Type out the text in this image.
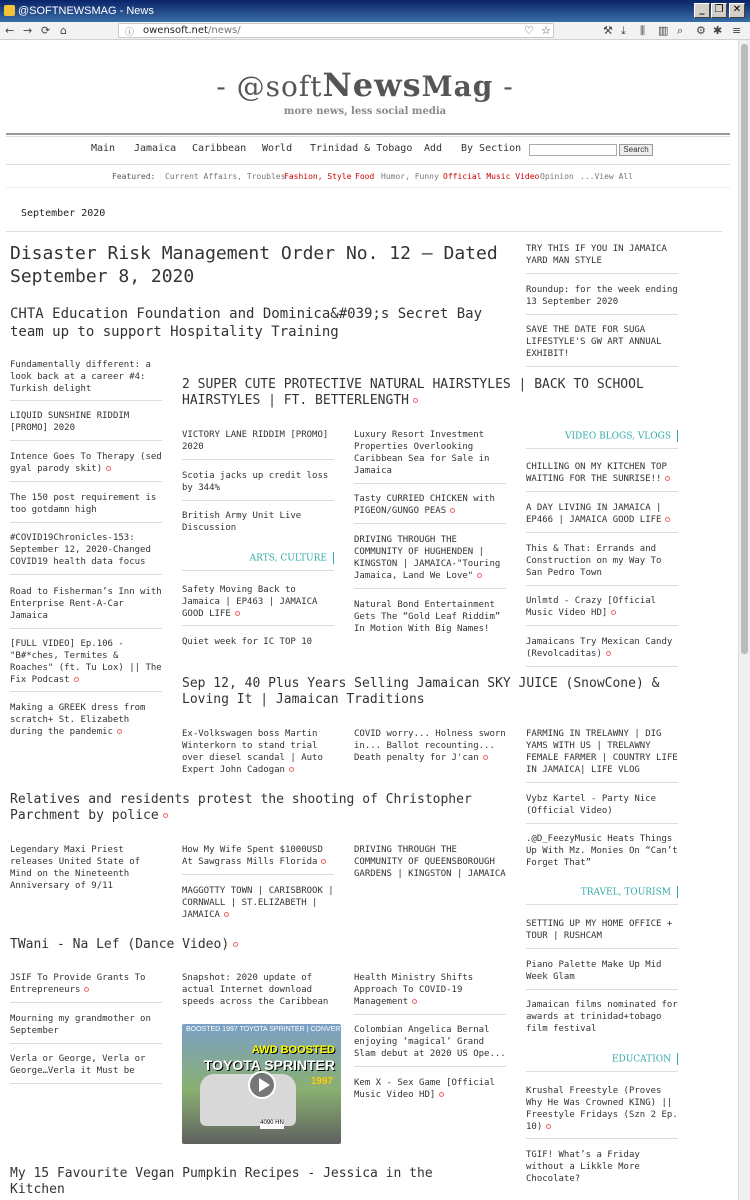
@SOFTNEWSMAG - News	_	❐ ✕
← → ⟳ ⌂	ⓘ owensoft.net/news/	♡ ☆	⚒ ⤓ ⫼ ▥ ⌕ ⚙ ✱ ≡
- @softNewsMag -
more news, less social media
Main Jamaica Caribbean World Trinidad & Tobago Add By Section	Search
Featured: Current Affairs, Troubles
Fashion, Style Food Humor, Funny Official Music Video Opinion ...View All
September 2020
Disaster Risk Management Order No. 12 – Dated September 8, 2020
CHTA Education Foundation and Dominica&#039;s Secret Bay team up to support Hospitality Training
2 SUPER CUTE PROTECTIVE NATURAL HAIRSTYLES | BACK TO SCHOOL HAIRSTYLES | FT. BETTERLENGTH
Sep 12, 40 Plus Years Selling Jamaican SKY JUICE (SnowCone) & Loving It | Jamaican Traditions
Relatives and residents protest the shooting of Christopher Parchment by police
TWani - Na Lef (Dance Video)
My 15 Favourite Vegan Pumpkin Recipes - Jessica in the Kitchen
TRY THIS IF YOU IN JAMAICA YARD MAN STYLE
Roundup: for the week ending 13 September 2020
SAVE THE DATE FOR SUGA LIFESTYLE'S GW ART ANNUAL EXHIBIT!
Fundamentally different: a look back at a career #4: Turkish delight
LIQUID SUNSHINE RIDDIM [PROMO] 2020
Intence Goes To Therapy (sed gyal parody skit)
The 150 post requirement is too gotdamn high
#COVID19Chronicles-153: September 12, 2020-Changed COVID19 health data focus
Road to Fisherman’s Inn with Enterprise Rent-A-Car Jamaica
[FULL VIDEO] Ep.106 - "B#*ches, Termites & Roaches" (ft. Tu Lox) || The Fix Podcast
Making a GREEK dress from scratch+ St. Elizabeth during the pandemic
VICTORY LANE RIDDIM [PROMO] 2020
Scotia jacks up credit loss by 344%
British Army Unit Live Discussion
ARTS, CULTURE
Safety Moving Back to Jamaica | EP463 | JAMAICA GOOD LIFE
Quiet week for IC TOP 10
Luxury Resort Investment Properties Overlooking Caribbean Sea for Sale in Jamaica
Tasty CURRIED CHICKEN with PIGEON/GUNGO PEAS
DRIVING THROUGH THE COMMUNITY OF HUGHENDEN | KINGSTON | JAMAICA-"Touring Jamaica, Land We Love"
Natural Bond Entertainment Gets The “Gold Leaf Riddim” In Motion With Big Names!
VIDEO BLOGS, VLOGS
CHILLING ON MY KITCHEN TOP WAITING FOR THE SUNRISE!!
A DAY LIVING IN JAMAICA | EP466 | JAMAICA GOOD LIFE
This & That: Errands and Construction on my Way To San Pedro Town
Unlmtd - Crazy [Official Music Video HD]
Jamaicans Try Mexican Candy (Revolcaditas)
Ex-Volkswagen boss Martin Winterkorn to stand trial over diesel scandal | Auto Expert John Cadogan
COVID worry... Holness sworn in... Ballot recounting... Death penalty for J'can
FARMING IN TRELAWNY | DIG YAMS WITH US | TRELAWNY FEMALE FARMER | COUNTRY LIFE IN JAMAICA| LIFE VLOG
Vybz Kartel - Party Nice (Official Video)
.@D_FeezyMusic Heats Things Up With Mz. Monies On “Can’t Forget That”
TRAVEL, TOURISM
SETTING UP MY HOME OFFICE + TOUR | RUSHCAM
Piano Palette Make Up Mid Week Glam
Jamaican films nominated for awards at trinidad+tobago film festival
EDUCATION
Krushal Freestyle (Proves Why He Was Crowned KING) || Freestyle Fridays (Szn 2 Ep. 10)
TGIF! What’s a Friday without a Likkle More Chocolate?
Legendary Maxi Priest releases United State of Mind on the Nineteenth Anniversary of 9/11
How My Wife Spent $1000USD At Sawgrass Mills Florida
MAGGOTTY TOWN | CARISBROOK | CORNWALL | ST.ELIZABETH | JAMAICA
DRIVING THROUGH THE COMMUNITY OF QUEENSBOROUGH GARDENS | KINGSTON | JAMAICA
JSIF To Provide Grants To Entrepreneurs
Mourning my grandmother on September
Verla or George, Verla or George…Verla it Must be
Snapshot: 2020 update of actual Internet download speeds across the Caribbean
BOOSTED 1997 TOYOTA SPRINTER | CONVERTED TO AWD
AWD BOOSTED
TOYOTA SPRINTER
1997
4090 HN
Health Ministry Shifts Approach To COVID-19 Management
Colombian Angelica Bernal enjoying ‘magical’ Grand Slam debut at 2020 US Ope...
Kem X - Sex Game [Official Music Video HD]
